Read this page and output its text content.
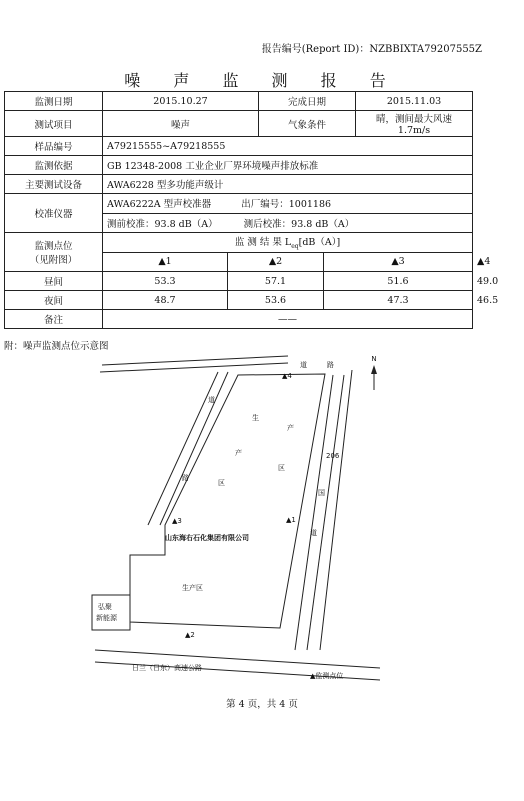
报告编号(Report ID)：NZBBIXTA79207555Z
噪 声 监 测 报 告
监测日期	2015.10.27		完成日期		2015.11.03	
测试项目	噪声		气象条件		晴，测间最大风速 1.7m/s	
样品编号	A79215555~A79218555					
监测依据	GB 12348-2008 工业企业厂界环境噪声排放标准					
主要测试设备	AWA6228 型多功能声级计					
校准仪器	AWA6222A 型声校准器 出厂编号：1001186					
	测前校准：93.8 dB（A） 测后校准：93.8 dB（A）					

监测点位
（见附图）	监 测 结 果 $L_{eq}[dB(A)]$					
	▲1	▲2		▲3		▲4
昼间	53.3	57.1		51.6		49.0
夜间	48.7	53.6		47.3		46.5
备注	——					
附：噪声监测点位示意图
N
▲4
道	路
道
路
生
产
区
产
区
206
国
道
▲1
▲3
▲2
山东海右石化集团有限公司
生产区
弘聚
新能源
日兰（日东）高速公路
▲监测点位
第 4 页，共 4 页
